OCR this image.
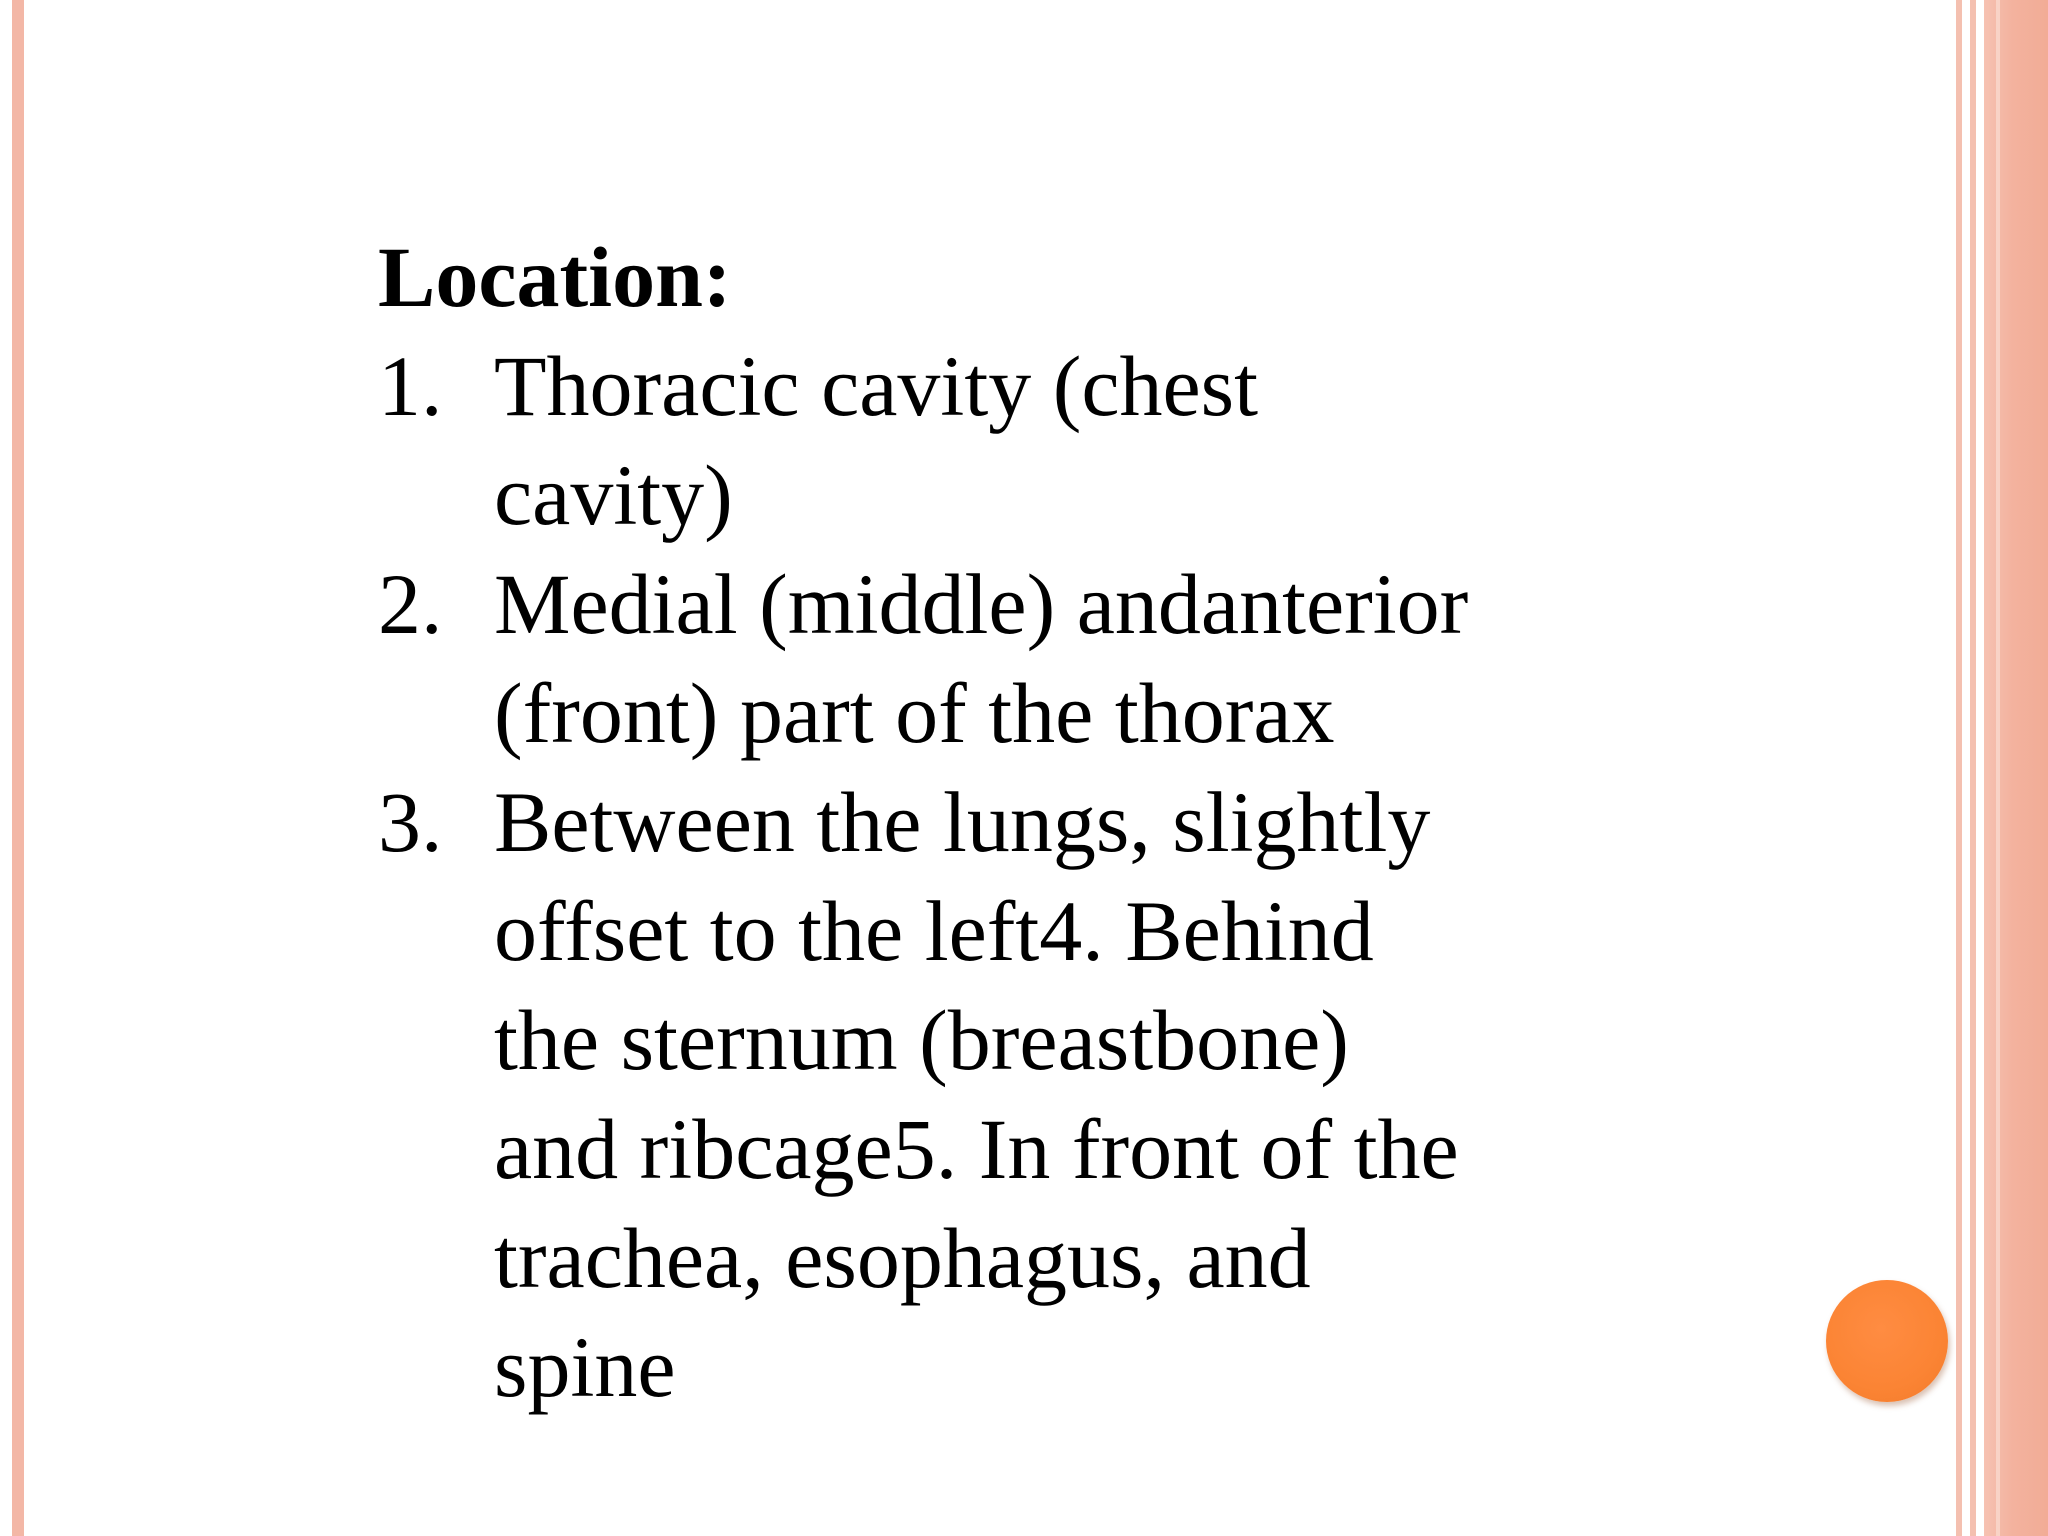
Location:

1. Thoracic cavity (chest
cavity)
2. Medial (middle) andanterior
(front) part of the thorax
3. Between the lungs, slightly
offset to the left4. Behind
the sternum (breastbone)
and ribcage5. In front of the
trachea, esophagus, and
spine
